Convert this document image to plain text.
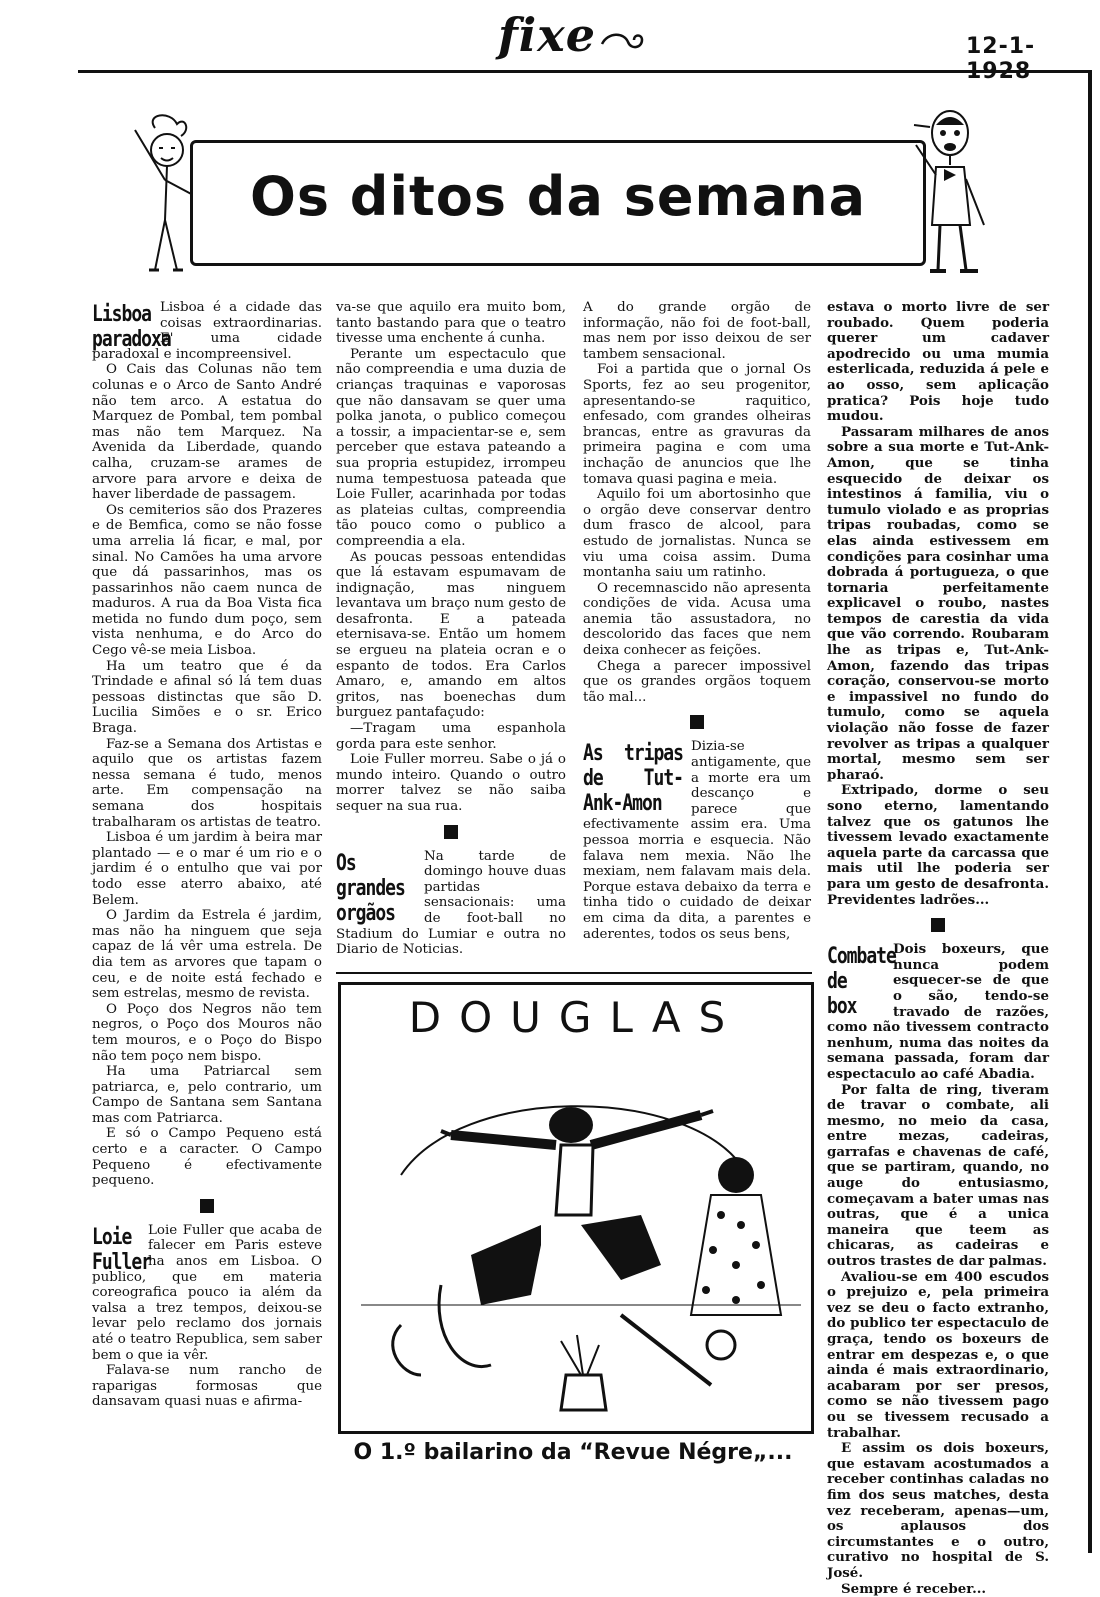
fixe	12-1-1928
Os ditos da semana

Lisboa paradoxa
Lisboa é a cidade das coisas extraordinarias. E' uma cidade paradoxal e incompreensivel.

O Cais das Colunas não tem colunas e o Arco de Santo André não tem arco. A estatua do Marquez de Pombal, tem pombal mas não tem Marquez. Na Avenida da Liberdade, quando calha, cruzam-se arames de arvore para arvore e deixa de haver liberdade de passagem.

Os cemiterios são dos Prazeres e de Bemfica, como se não fosse uma arrelia lá ficar, e mal, por sinal. No Camões ha uma arvore que dá passarinhos, mas os passarinhos não caem nunca de maduros. A rua da Boa Vista fica metida no fundo dum poço, sem vista nenhuma, e do Arco do Cego vê-se meia Lisboa.

Ha um teatro que é da Trindade e afinal só lá tem duas pessoas distinctas que são D. Lucilia Simões e o sr. Erico Braga.

Faz-se a Semana dos Artistas e aquilo que os artistas fazem nessa semana é tudo, menos arte. Em compensação na semana dos hospitais trabalharam os artistas de teatro.

Lisboa é um jardim à beira mar plantado — e o mar é um rio e o jardim é o entulho que vai por todo esse aterro abaixo, até Belem.

O Jardim da Estrela é jardim, mas não ha ninguem que seja capaz de lá vêr uma estrela. De dia tem as arvores que tapam o ceu, e de noite está fechado e sem estrelas, mesmo de revista.

O Poço dos Negros não tem negros, o Poço dos Mouros não tem mouros, e o Poço do Bispo não tem poço nem bispo.

Ha uma Patriarcal sem patriarca, e, pelo contrario, um Campo de Santana sem Santana mas com Patriarca.

E só o Campo Pequeno está certo e a caracter. O Campo Pequeno é efectivamente pequeno.

Loie Fuller
Loie Fuller que acaba de falecer em Paris esteve ha anos em Lisboa. O publico, que em materia coreografica pouco ia além da valsa a trez tempos, deixou-se levar pelo reclamo dos jornais até o teatro Republica, sem saber bem o que ia vêr.

Falava-se num rancho de raparigas formosas que dansavam quasi nuas e afirma-

va-se que aquilo era muito bom, tanto bastando para que o teatro tivesse uma enchente á cunha.

Perante um espectaculo que não compreendia e uma duzia de crianças traquinas e vaporosas que não dansavam se quer uma polka janota, o publico começou a tossir, a impacientar-se e, sem perceber que estava pateando a sua propria estupidez, irrompeu numa tempestuosa pateada que Loie Fuller, acarinhada por todas as plateias cultas, compreendia tão pouco como o publico a compreendia a ela.

As poucas pessoas entendidas que lá estavam espumavam de indignação, mas ninguem levantava um braço num gesto de desafronta. E a pateada eternisava-se. Então um homem se ergueu na plateia ocran e o espanto de todos. Era Carlos Amaro, e, amando em altos gritos, nas boenechas dum burguez pantafaçudo:

—Tragam uma espanhola gorda para este senhor.

Loie Fuller morreu. Sabe o já o mundo inteiro. Quando o outro morrer talvez se não saiba sequer na sua rua.

Os grandes orgãos
Na tarde de domingo houve duas partidas sensacionais: uma de foot-ball no Stadium do Lumiar e outra no Diario de Noticias.

A do grande orgão de informação, não foi de foot-ball, mas nem por isso deixou de ser tambem sensacional.

Foi a partida que o jornal Os Sports, fez ao seu progenitor, apresentando-se raquitico, enfesado, com grandes olheiras brancas, entre as gravuras da primeira pagina e com uma inchação de anuncios que lhe tomava quasi pagina e meia.

Aquilo foi um abortosinho que o orgão deve conservar dentro dum frasco de alcool, para estudo de jornalistas. Nunca se viu uma coisa assim. Duma montanha saiu um ratinho.

O recemnascido não apresenta condições de vida. Acusa uma anemia tão assustadora, no descolorido das faces que nem deixa conhecer as feições.

Chega a parecer impossivel que os grandes orgãos toquem tão mal...

As tripas de Tut-Ank-Amon
Dizia-se antigamente, que a morte era um descanço e parece que efectivamente assim era. Uma pessoa morria e esquecia. Não falava nem mexia. Não lhe mexiam, nem falavam mais dela. Porque estava debaixo da terra e tinha tido o cuidado de deixar em cima da dita, a parentes e aderentes, todos os seus bens,

estava o morto livre de ser roubado. Quem poderia querer um cadaver apodrecido ou uma mumia esterlicada, reduzida á pele e ao osso, sem aplicação pratica? Pois hoje tudo mudou.

Passaram milhares de anos sobre a sua morte e Tut-Ank-Amon, que se tinha esquecido de deixar os intestinos á familia, viu o tumulo violado e as proprias tripas roubadas, como se elas ainda estivessem em condições para cosinhar uma dobrada á portugueza, o que tornaria perfeitamente explicavel o roubo, nastes tempos de carestia da vida que vão correndo. Roubaram lhe as tripas e, Tut-Ank-Amon, fazendo das tripas coração, conservou-se morto e impassivel no fundo do tumulo, como se aquela violação não fosse de fazer revolver as tripas a qualquer mortal, mesmo sem ser pharaó.

Extripado, dorme o seu sono eterno, lamentando talvez que os gatunos lhe tivessem levado exactamente aquela parte da carcassa que mais util lhe poderia ser para um gesto de desafronta. Previdentes ladrões...

Combate de box
Dois boxeurs, que nunca podem esquecer-se de que o são, tendo-se travado de razões, como não tivessem contracto nenhum, numa das noites da semana passada, foram dar espectaculo ao café Abadia.

Por falta de ring, tiveram de travar o combate, ali mesmo, no meio da casa, entre mezas, cadeiras, garrafas e chavenas de café, que se partiram, quando, no auge do entusiasmo, começavam a bater umas nas outras, que é a unica maneira que teem as chicaras, as cadeiras e outros trastes de dar palmas.

Avaliou-se em 400 escudos o prejuizo e, pela primeira vez se deu o facto extranho, do publico ter espectaculo de graça, tendo os boxeurs de entrar em despezas e, o que ainda é mais extraordinario, acabaram por ser presos, como se não tivessem pago ou se tivessem recusado a trabalhar.

E assim os dois boxeurs, que estavam acostumados a receber continhas caladas no fim dos seus matches, desta vez receberam, apenas—um, os aplausos dos circumstantes e o outro, curativo no hospital de S. José.

Sempre é receber...

DOUGLAS
O 1.º bailarino da “Revue Négre„...
